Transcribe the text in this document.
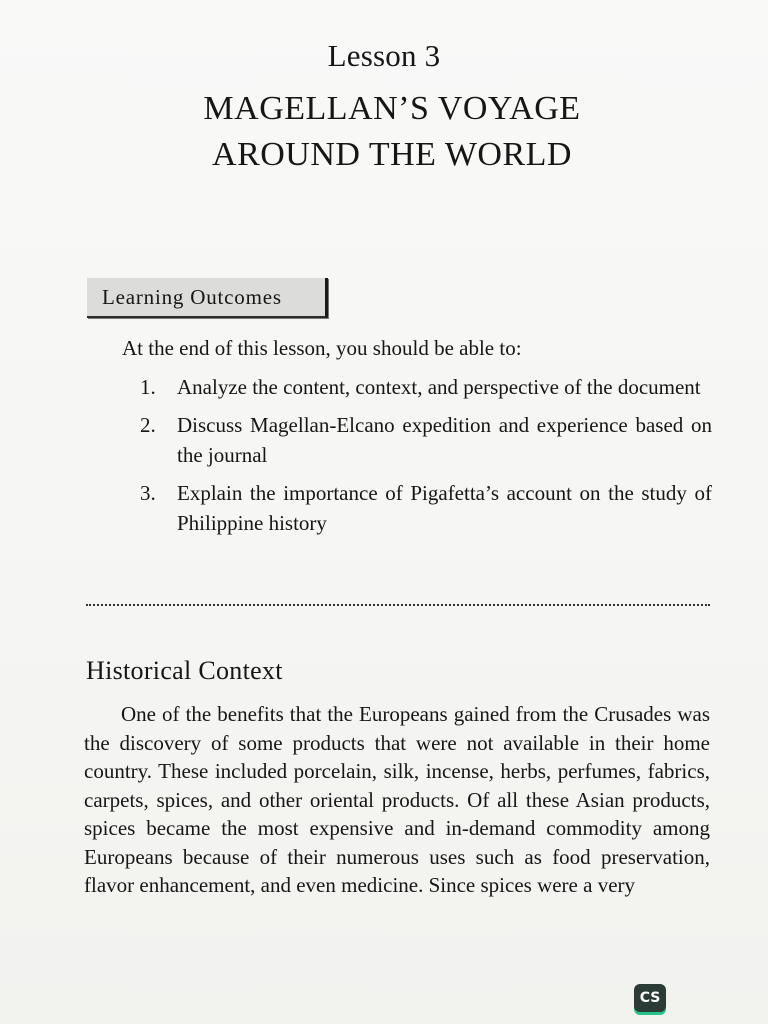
Lesson 3
MAGELLAN’S VOYAGE
AROUND THE WORLD
Learning Outcomes
At the end of this lesson, you should be able to:
1. Analyze the content, context, and perspective of the document
2. Discuss Magellan-Elcano expedition and experience based on the journal
3. Explain the importance of Pigafetta’s account on the study of Philippine history
Historical Context

One of the benefits that the Europeans gained from the Crusades was the discovery of some products that were not available in their home country. These included porcelain, silk, incense, herbs, perfumes, fabrics, carpets, spices, and other oriental products. Of all these Asian products, spices became the most expensive and in-demand commodity among Europeans because of their numerous uses such as food preservation, flavor enhancement, and even medicine. Since spices were a very

CS
